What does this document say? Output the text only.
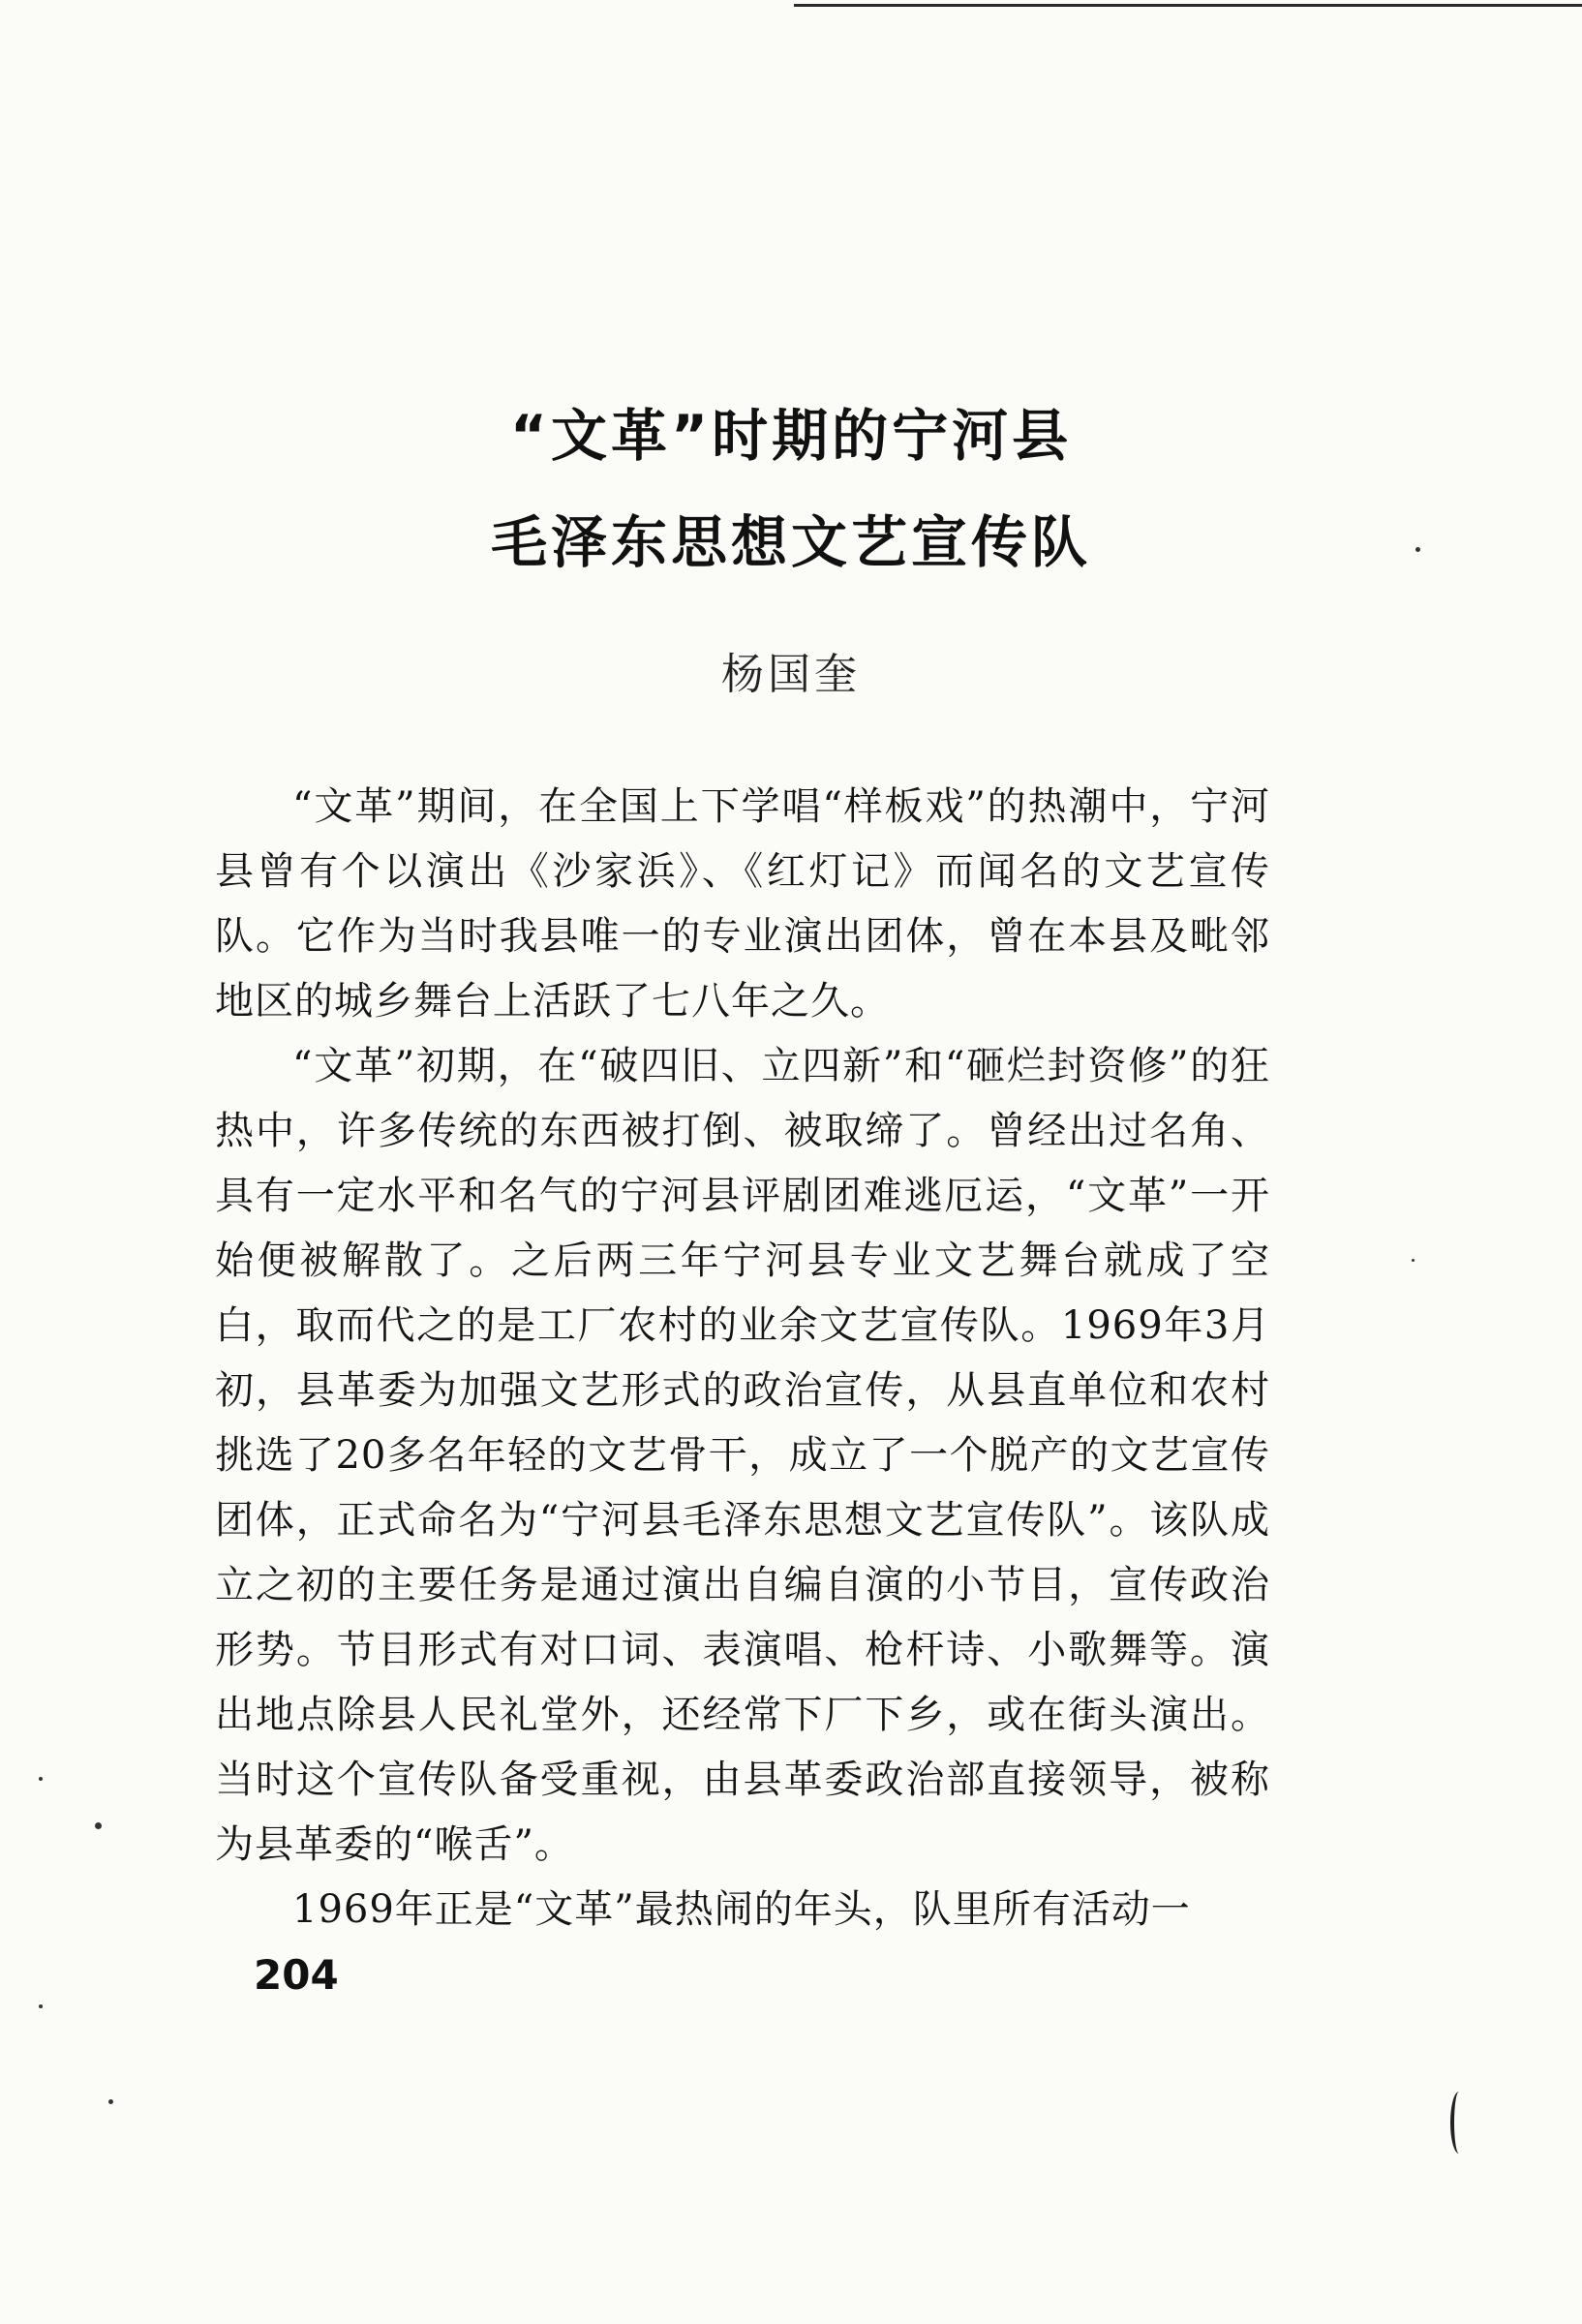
“文革”时期的宁河县
毛泽东思想文艺宣传队
杨国奎

“文革”期间，在全国上下学唱“样板戏”的热潮中，宁河县曾有个以演出《沙家浜》、《红灯记》而闻名的文艺宣传队。它作为当时我县唯一的专业演出团体，曾在本县及毗邻地区的城乡舞台上活跃了七八年之久。

“文革”初期，在“破四旧、立四新”和“砸烂封资修”的狂热中，许多传统的东西被打倒、被取缔了。曾经出过名角、具有一定水平和名气的宁河县评剧团难逃厄运，“文革”一开始便被解散了。之后两三年宁河县专业文艺舞台就成了空白，取而代之的是工厂农村的业余文艺宣传队。1969年3月初，县革委为加强文艺形式的政治宣传，从县直单位和农村挑选了20多名年轻的文艺骨干，成立了一个脱产的文艺宣传团体，正式命名为“宁河县毛泽东思想文艺宣传队”。该队成立之初的主要任务是通过演出自编自演的小节目，宣传政治形势。节目形式有对口词、表演唱、枪杆诗、小歌舞等。演出地点除县人民礼堂外，还经常下厂下乡，或在街头演出。当时这个宣传队备受重视，由县革委政治部直接领导，被称为县革委的“喉舌”。

1969年正是“文革”最热闹的年头，队里所有活动一

204
